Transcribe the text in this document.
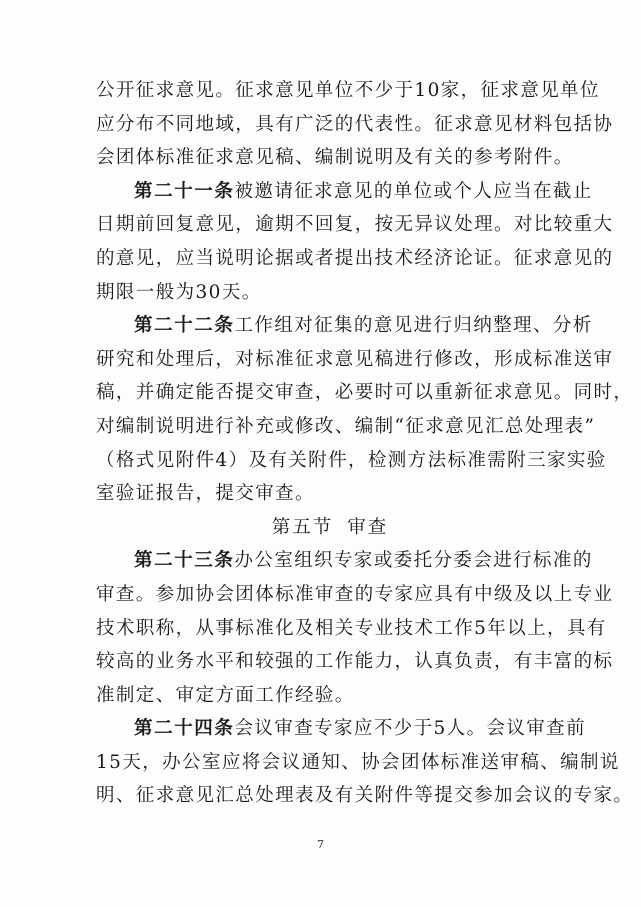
公开征求意见。征求意见单位不少于10家，征求意见单位
应分布不同地域，具有广泛的代表性。征求意见材料包括协
会团体标准征求意见稿、编制说明及有关的参考附件。
第二十一条被邀请征求意见的单位或个人应当在截止
日期前回复意见，逾期不回复，按无异议处理。对比较重大
的意见，应当说明论据或者提出技术经济论证。征求意见的
期限一般为30天。
第二十二条工作组对征集的意见进行归纳整理、分析
研究和处理后，对标准征求意见稿进行修改，形成标准送审
稿，并确定能否提交审查，必要时可以重新征求意见。同时，
对编制说明进行补充或修改、编制“征求意见汇总处理表”
（格式见附件4）及有关附件，检测方法标准需附三家实验
室验证报告，提交审查。
第五节 审查
第二十三条办公室组织专家或委托分委会进行标准的
审查。参加协会团体标准审查的专家应具有中级及以上专业
技术职称，从事标准化及相关专业技术工作5年以上，具有
较高的业务水平和较强的工作能力，认真负责，有丰富的标
准制定、审定方面工作经验。
第二十四条会议审查专家应不少于5人。会议审查前
15天，办公室应将会议通知、协会团体标准送审稿、编制说
明、征求意见汇总处理表及有关附件等提交参加会议的专家。
7
